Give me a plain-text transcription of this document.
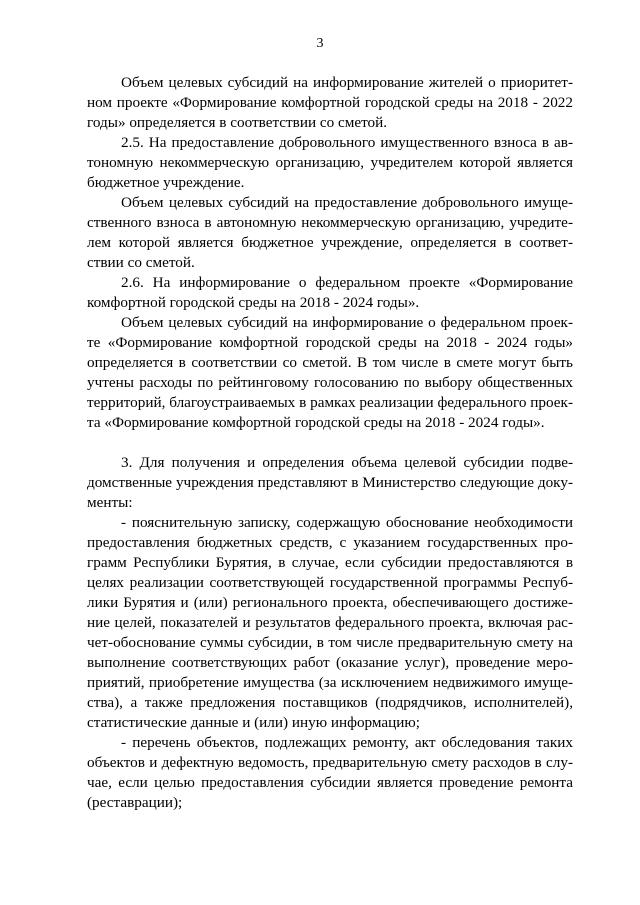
3

Объем целевых субсидий на информирование жителей о приоритетном проекте «Формирование комфортной городской среды на 2018 - 2022 годы» определяется в соответствии со сметой.

2.5. На предоставление добровольного имущественного взноса в автономную некоммерческую организацию, учредителем которой является бюджетное учреждение.

Объем целевых субсидий на предоставление добровольного имущественного взноса в автономную некоммерческую организацию, учредителем которой является бюджетное учреждение, определяется в соответствии со сметой.

2.6. На информирование о федеральном проекте «Формирование комфортной городской среды на 2018 - 2024 годы».

Объем целевых субсидий на информирование о федеральном проекте «Формирование комфортной городской среды на 2018 - 2024 годы» определяется в соответствии со сметой. В том числе в смете могут быть учтены расходы по рейтинговому голосованию по выбору общественных территорий, благоустраиваемых в рамках реализации федерального проекта «Формирование комфортной городской среды на 2018 - 2024 годы».

3. Для получения и определения объема целевой субсидии подведомственные учреждения представляют в Министерство следующие документы:

- пояснительную записку, содержащую обоснование необходимости предоставления бюджетных средств, с указанием государственных программ Республики Бурятия, в случае, если субсидии предоставляются в целях реализации соответствующей государственной программы Республики Бурятия и (или) регионального проекта, обеспечивающего достижение целей, показателей и результатов федерального проекта, включая расчет-обоснование суммы субсидии, в том числе предварительную смету на выполнение соответствующих работ (оказание услуг), проведение мероприятий, приобретение имущества (за исключением недвижимого имущества), а также предложения поставщиков (подрядчиков, исполнителей), статистические данные и (или) иную информацию;

- перечень объектов, подлежащих ремонту, акт обследования таких объектов и дефектную ведомость, предварительную смету расходов в случае, если целью предоставления субсидии является проведение ремонта (реставрации);
